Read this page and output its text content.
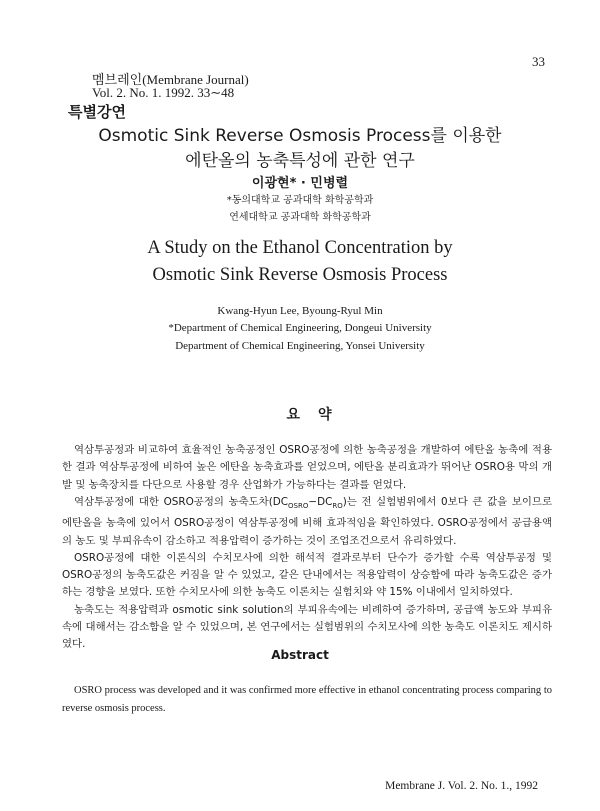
33
멤브레인(Membrane Journal)
Vol. 2. No. 1. 1992. 33∼48
특별강연
Osmotic Sink Reverse Osmosis Process를 이용한
에탄올의 농축특성에 관한 연구
이광현* · 민병렬
*동의대학교 공과대학 화학공학과
연세대학교 공과대학 화학공학과
A Study on the Ethanol Concentration by
Osmotic Sink Reverse Osmosis Process
Kwang-Hyun Lee, Byoung-Ryul Min
*Department of Chemical Engineering, Dongeui University
Department of Chemical Engineering, Yonsei University
요약

역삼투공정과 비교하여 효율적인 농축공정인 OSRO공정에 의한 농축공정을 개발하여 에탄올 농축에 적용한 결과 역삼투공정에 비하여 높은 에탄올 농축효과를 얻었으며, 에탄올 분리효과가 뛰어난 OSRO용 막의 개발 및 농축장치를 다단으로 사용할 경우 산업화가 가능하다는 결과를 얻었다.

역삼투공정에 대한 OSRO공정의 농축도차$(DC_{OSRO}-DC_{RO})$는 전 실험범위에서 0보다 큰 값을 보이므로 에탄올을 농축에 있어서 OSRO공정이 역삼투공정에 비해 효과적임을 확인하였다. OSRO공정에서 공급용액의 농도 및 부피유속이 감소하고 적용압력이 증가하는 것이 조업조건으로서 유리하였다.

OSRO공정에 대한 이론식의 수치모사에 의한 해석적 결과로부터 단수가 증가할 수록 역삼투공정 및 OSRO공정의 농축도값은 커짐을 알 수 있었고, 같은 단내에서는 적용압력이 상승함에 따라 농축도값은 증가하는 경향을 보였다. 또한 수치모사에 의한 농축도 이론치는 실험치와 약 15% 이내에서 일치하였다.

농축도는 적용압력과 osmotic sink solution의 부피유속에는 비례하여 증가하며, 공급액 농도와 부피유속에 대해서는 감소함을 알 수 있었으며, 본 연구에서는 실험범위의 수치모사에 의한 농축도 이론치도 제시하였다.

Abstract

OSRO process was developed and it was confirmed more effective in ethanol concentrating process comparing to reverse osmosis process.

Membrane J. Vol. 2. No. 1., 1992
